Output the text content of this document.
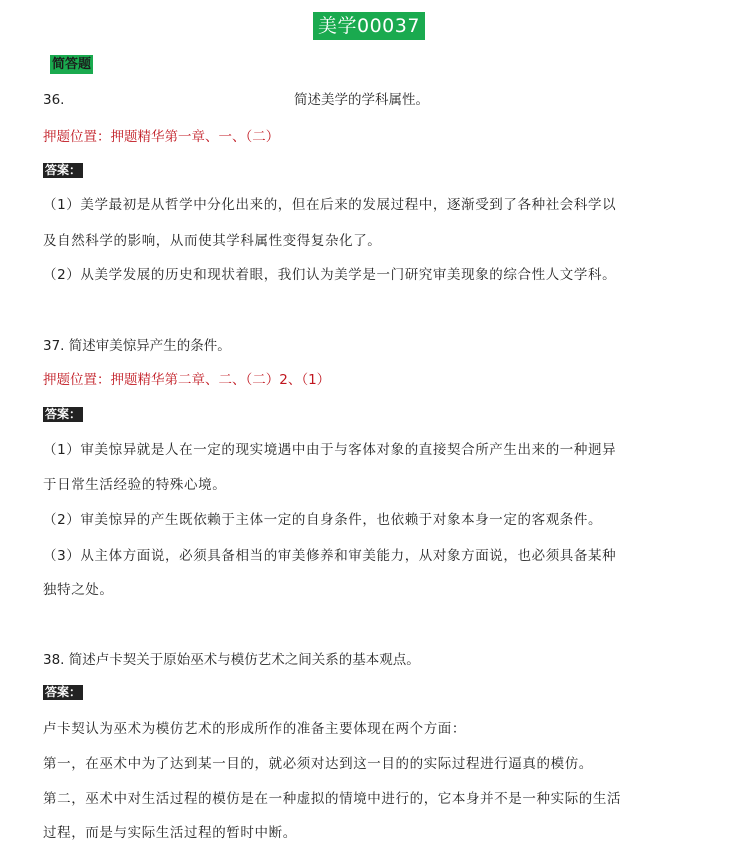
美学00037
简答题
36.	简述美学的学科属性。
押题位置：押题精华第一章、一、（二）
答案：
（1）美学最初是从哲学中分化出来的，但在后来的发展过程中，逐渐受到了各种社会科学以
及自然科学的影响，从而使其学科属性变得复杂化了。
（2）从美学发展的历史和现状着眼，我们认为美学是一门研究审美现象的综合性人文学科。
37. 简述审美惊异产生的条件。
押题位置：押题精华第二章、二、（二）2、（1）
答案：
（1）审美惊异就是人在一定的现实境遇中由于与客体对象的直接契合所产生出来的一种迥异
于日常生活经验的特殊心境。
（2）审美惊异的产生既依赖于主体一定的自身条件，也依赖于对象本身一定的客观条件。
（3）从主体方面说，必须具备相当的审美修养和审美能力，从对象方面说，也必须具备某种
独特之处。
38. 简述卢卡契关于原始巫术与模仿艺术之间关系的基本观点。
答案：
卢卡契认为巫术为模仿艺术的形成所作的准备主要体现在两个方面：
第一，在巫术中为了达到某一目的，就必须对达到这一目的的实际过程进行逼真的模仿。
第二，巫术中对生活过程的模仿是在一种虚拟的情境中进行的，它本身并不是一种实际的生活
过程，而是与实际生活过程的暂时中断。
